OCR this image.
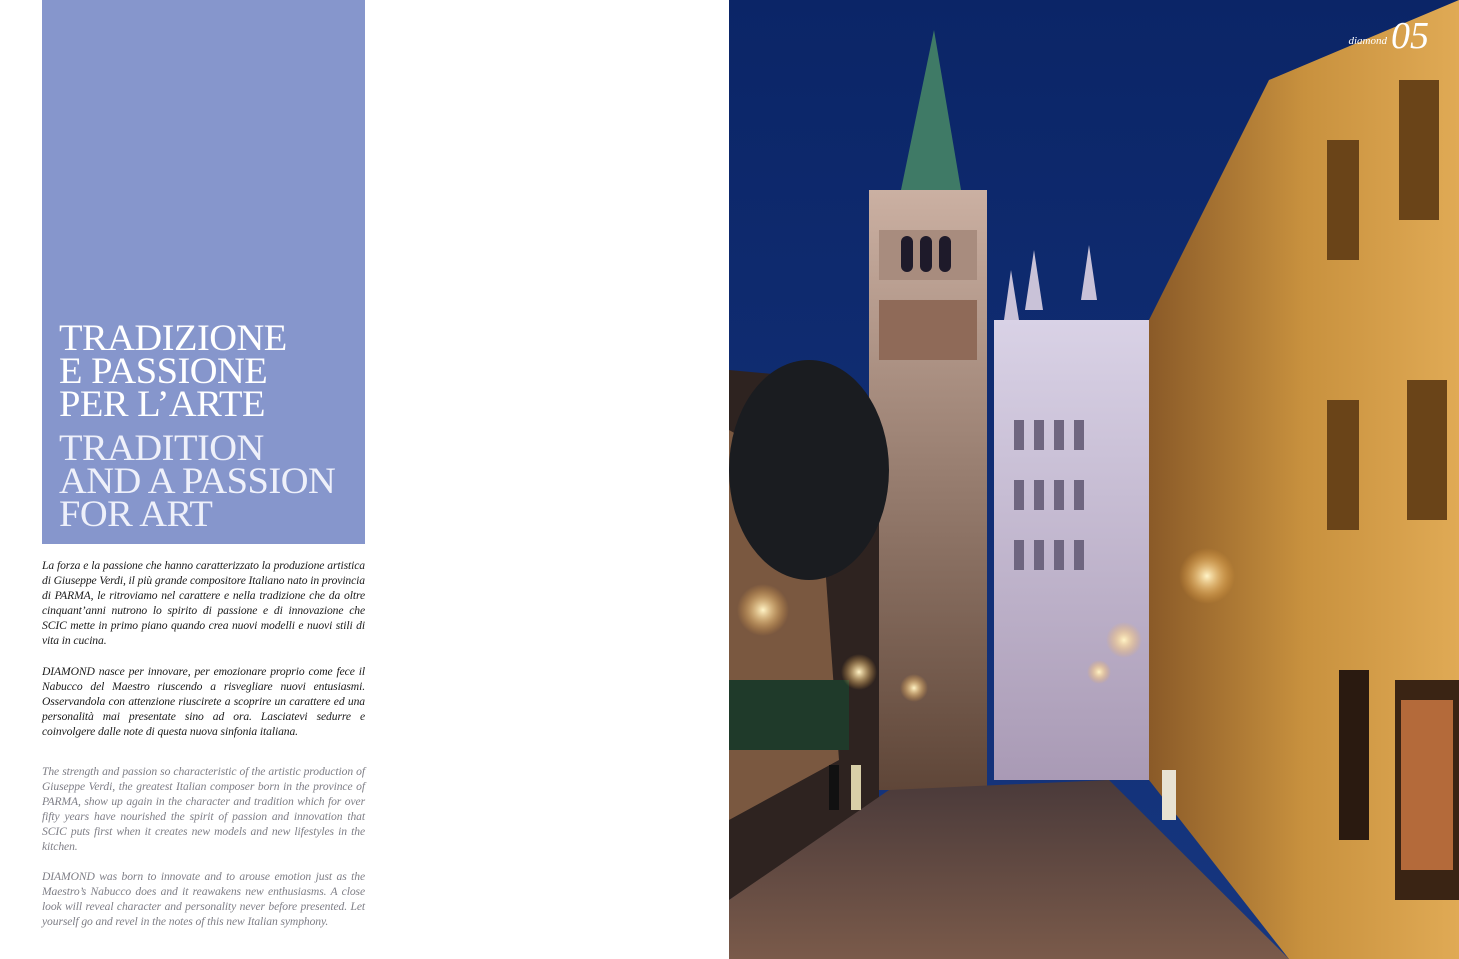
TRADIZIONE
E PASSIONE
PER L’ARTE
TRADITION
AND A PASSION
FOR ART

La forza e la passione che hanno caratterizzato la produzione artistica di Giuseppe Verdi, il più grande compositore Italiano nato in provincia di PARMA, le ritroviamo nel carattere e nella tradizione che da oltre cinquant’anni nutrono lo spirito di passione e di innovazione che SCIC mette in primo piano quando crea nuovi modelli e nuovi stili di vita in cucina.

DIAMOND nasce per innovare, per emozionare proprio come fece il Nabucco del Maestro riuscendo a risvegliare nuovi entusiasmi. Osservandola con attenzione riuscirete a scoprire un carattere ed una personalità mai presentate sino ad ora. Lasciatevi sedurre e coinvolgere dalle note di questa nuova sinfonia italiana.

The strength and passion so characteristic of the artistic production of Giuseppe Verdi, the greatest Italian composer born in the province of PARMA, show up again in the character and tradition which for over fifty years have nourished the spirit of passion and innovation that SCIC puts first when it creates new models and new lifestyles in the kitchen.

DIAMOND was born to innovate and to arouse emotion just as the Maestro’s Nabucco does and it reawakens new enthusiasms. A close look will reveal character and personality never before presented. Let yourself go and revel in the notes of this new Italian symphony.

$^{diamond}$ 05
